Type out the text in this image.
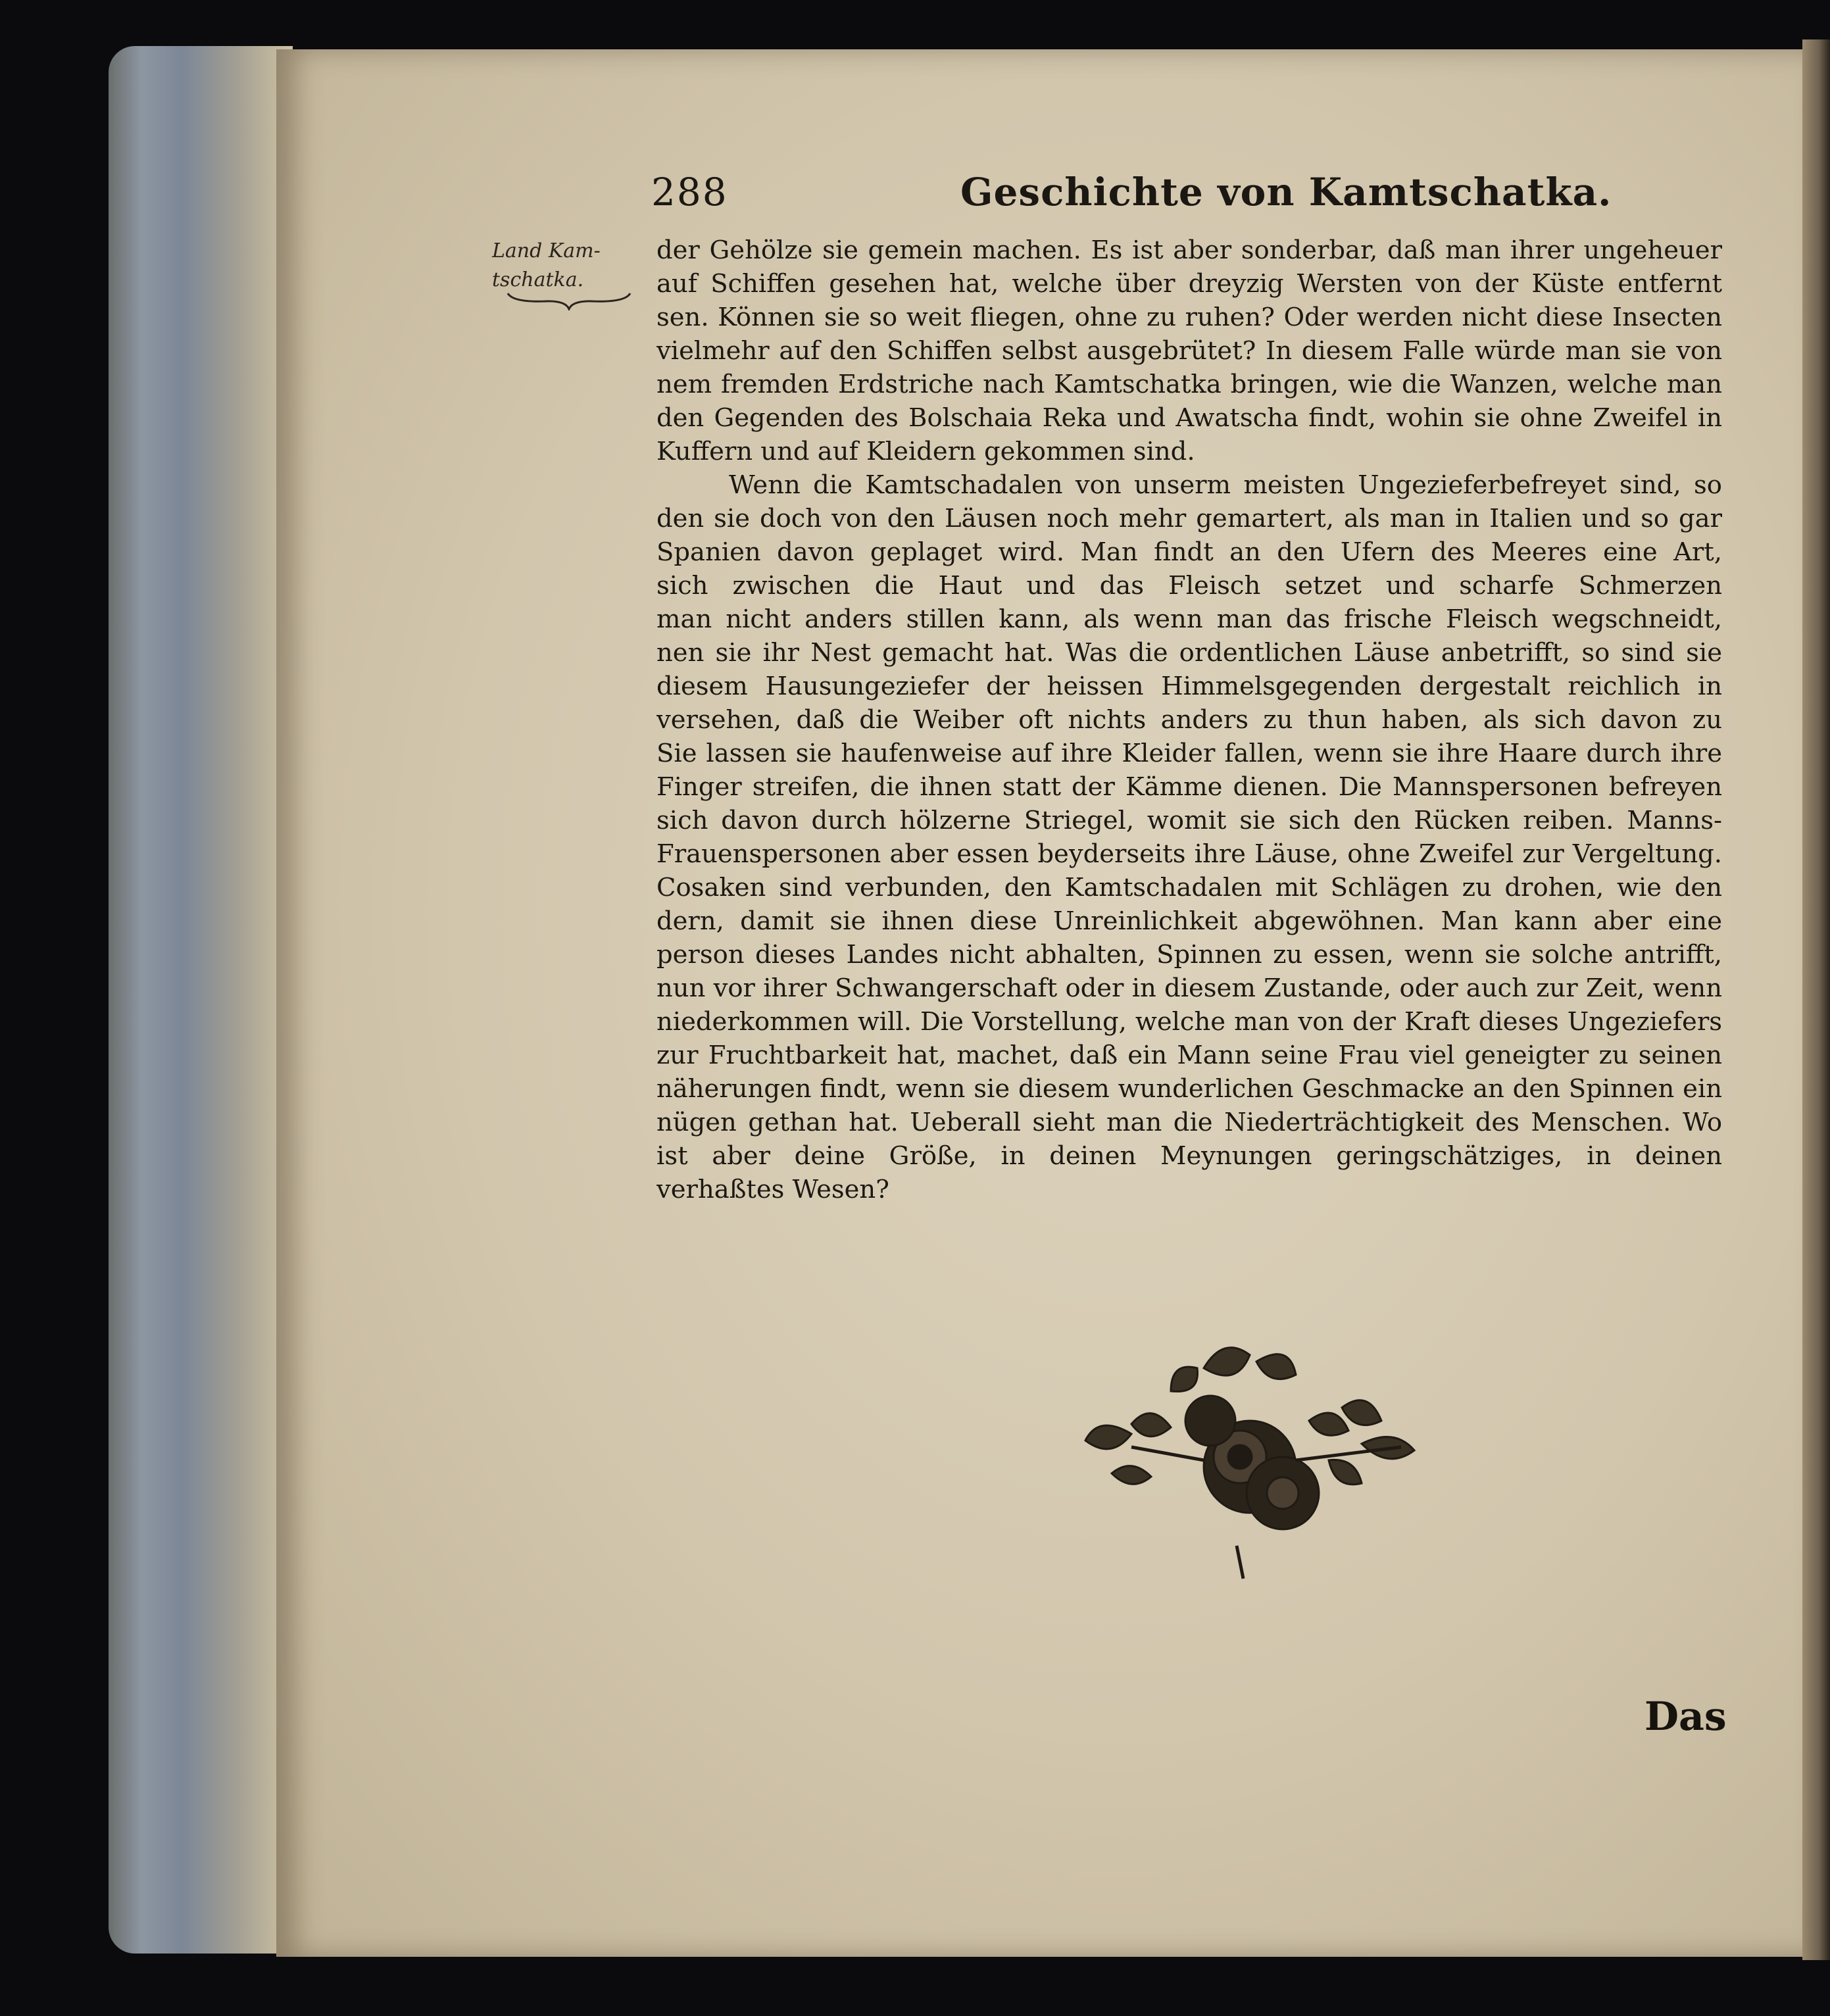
288	Geschichte von Kamtschatka.
Land Kam-
tschatka.
der Gehölze sie gemein machen. Es ist aber sonderbar, daß man ihrer ungeheuer
auf Schiffen gesehen hat, welche über dreyzig Wersten von der Küste entfernt
sen. Können sie so weit fliegen, ohne zu ruhen? Oder werden nicht diese Insecten
vielmehr auf den Schiffen selbst ausgebrütet? In diesem Falle würde man sie von
nem fremden Erdstriche nach Kamtschatka bringen, wie die Wanzen, welche man
den Gegenden des Bolschaia Reka und Awatscha findt, wohin sie ohne Zweifel in
Kuffern und auf Kleidern gekommen sind.
Wenn die Kamtschadalen von unserm meisten Ungezieferbefreyet sind, so
den sie doch von den Läusen noch mehr gemartert, als man in Italien und so gar
Spanien davon geplaget wird. Man findt an den Ufern des Meeres eine Art,
sich zwischen die Haut und das Fleisch setzet und scharfe Schmerzen
man nicht anders stillen kann, als wenn man das frische Fleisch wegschneidt,
nen sie ihr Nest gemacht hat. Was die ordentlichen Läuse anbetrifft, so sind sie
diesem Hausungeziefer der heissen Himmelsgegenden dergestalt reichlich in
versehen, daß die Weiber oft nichts anders zu thun haben, als sich davon zu
Sie lassen sie haufenweise auf ihre Kleider fallen, wenn sie ihre Haare durch ihre
Finger streifen, die ihnen statt der Kämme dienen. Die Mannspersonen befreyen
sich davon durch hölzerne Striegel, womit sie sich den Rücken reiben. Manns-
Frauenspersonen aber essen beyderseits ihre Läuse, ohne Zweifel zur Vergeltung.
Cosaken sind verbunden, den Kamtschadalen mit Schlägen zu drohen, wie den
dern, damit sie ihnen diese Unreinlichkeit abgewöhnen. Man kann aber eine
person dieses Landes nicht abhalten, Spinnen zu essen, wenn sie solche antrifft,
nun vor ihrer Schwangerschaft oder in diesem Zustande, oder auch zur Zeit, wenn
niederkommen will. Die Vorstellung, welche man von der Kraft dieses Ungeziefers
zur Fruchtbarkeit hat, machet, daß ein Mann seine Frau viel geneigter zu seinen
näherungen findt, wenn sie diesem wunderlichen Geschmacke an den Spinnen ein
nügen gethan hat. Ueberall sieht man die Niederträchtigkeit des Menschen. Wo
ist aber deine Größe, in deinen Meynungen geringschätziges, in deinen
verhaßtes Wesen?
Das
